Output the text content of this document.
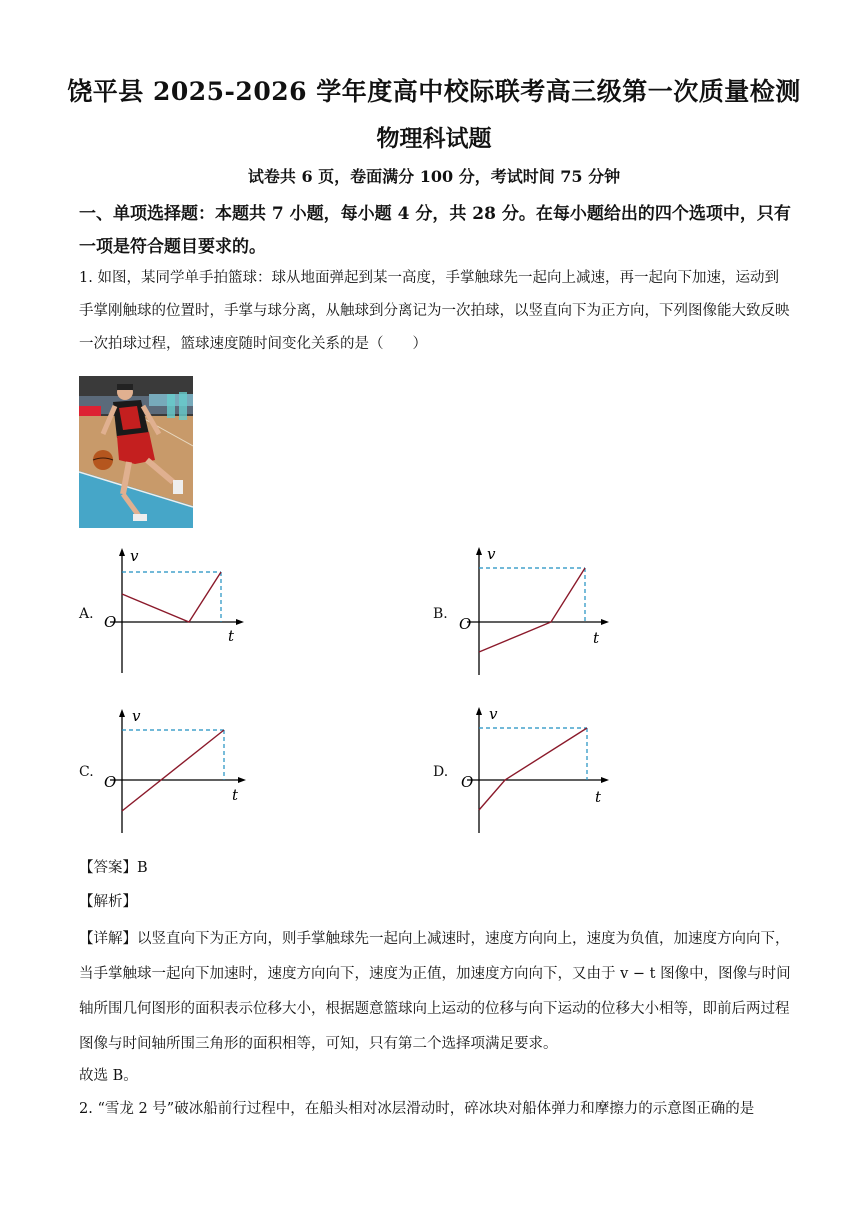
饶平县 2025-2026 学年度高中校际联考高三级第一次质量检测
物理科试题
试卷共 6 页，卷面满分 100 分，考试时间 75 分钟
一、单项选择题：本题共 7 小题，每小题 4 分，共 28 分。在每小题给出的四个选项中，只有一项是符合题目要求的。
1. 如图，某同学单手拍篮球：球从地面弹起到某一高度，手掌触球先一起向上减速，再一起向下加速，运动到手掌刚触球的位置时，手掌与球分离，从触球到分离记为一次拍球，以竖直向下为正方向，下列图像能大致反映一次拍球过程，篮球速度随时间变化关系的是（　　）
A.
v
O
t
B.
v
O
t
C.
v
O
t
D.
v
O
t
【答案】B
【解析】
【详解】以竖直向下为正方向，则手掌触球先一起向上减速时，速度方向向上，速度为负值，加速度方向向下，当手掌触球一起向下加速时，速度方向向下，速度为正值，加速度方向向下，又由于 v − t 图像中，图像与时间轴所围几何图形的面积表示位移大小，根据题意篮球向上运动的位移与向下运动的位移大小相等，即前后两过程图像与时间轴所围三角形的面积相等，可知，只有第二个选择项满足要求。
故选 B。
2. “雪龙 2 号”破冰船前行过程中，在船头相对冰层滑动时，碎冰块对船体弹力和摩擦力的示意图正确的是
